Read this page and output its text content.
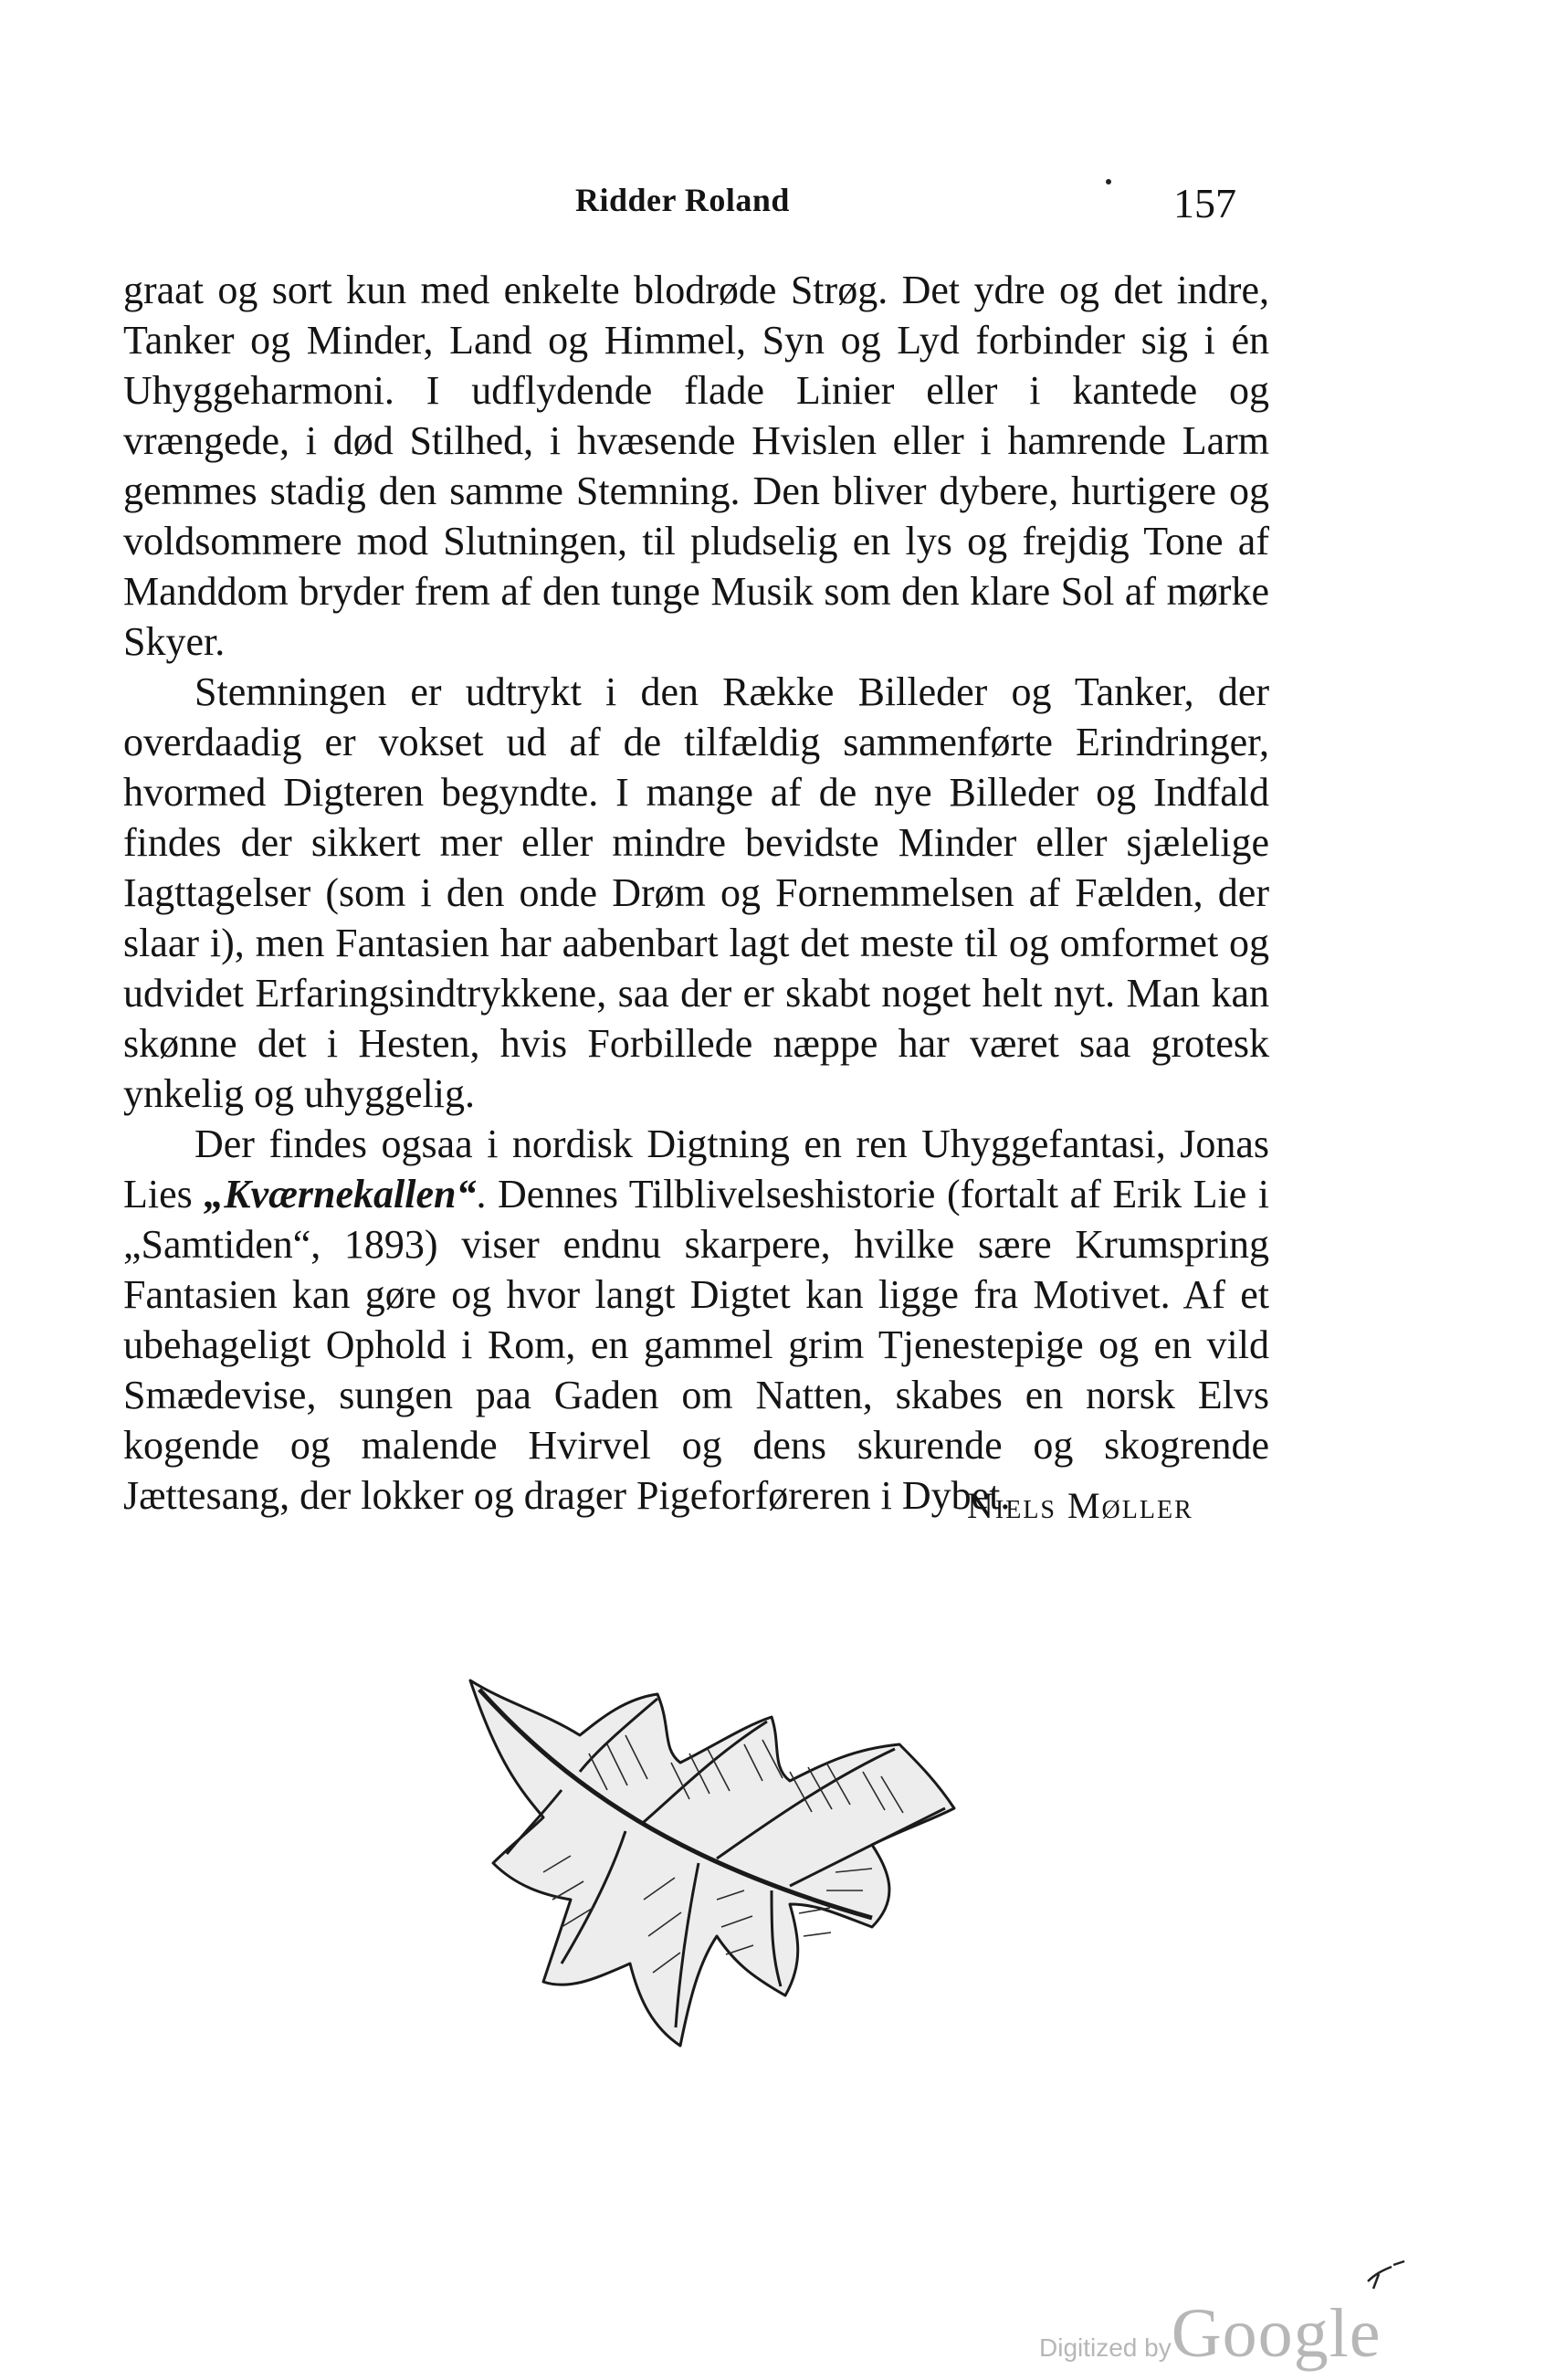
Ridder Roland	157

graat og sort kun med enkelte blodrøde Strøg. Det ydre og det indre, Tanker og Minder, Land og Himmel, Syn og Lyd forbinder sig i én Uhyggeharmoni. I udflydende flade Linier eller i kantede og vrængede, i død Stilhed, i hvæsende Hvislen eller i hamrende Larm gemmes stadig den samme Stemning. Den bliver dybere, hurtigere og voldsommere mod Slutningen, til pludselig en lys og frejdig Tone af Manddom bryder frem af den tunge Musik som den klare Sol af mørke Skyer.

Stemningen er udtrykt i den Række Billeder og Tanker, der overdaadig er vokset ud af de tilfældig sammenførte Erindringer, hvormed Digteren begyndte. I mange af de nye Billeder og Indfald findes der sikkert mer eller mindre bevidste Minder eller sjælelige Iagttagelser (som i den onde Drøm og Fornemmelsen af Fælden, der slaar i), men Fantasien har aabenbart lagt det meste til og omformet og udvidet Erfaringsindtrykkene, saa der er skabt noget helt nyt. Man kan skønne det i Hesten, hvis Forbillede næppe har været saa grotesk ynkelig og uhyggelig.

Der findes ogsaa i nordisk Digtning en ren Uhyggefantasi, Jonas Lies „Kværnekallen“. Dennes Tilblivelseshistorie (fortalt af Erik Lie i „Samtiden“, 1893) viser endnu skarpere, hvilke sære Krumspring Fantasien kan gøre og hvor langt Digtet kan ligge fra Motivet. Af et ubehageligt Ophold i Rom, en gammel grim Tjenestepige og en vild Smædevise, sungen paa Gaden om Natten, skabes en norsk Elvs kogende og malende Hvirvel og dens skurende og skogrende Jættesang, der lokker og drager Pigeforføreren i Dybet.

Niels Møller
Digitized byGoogle
